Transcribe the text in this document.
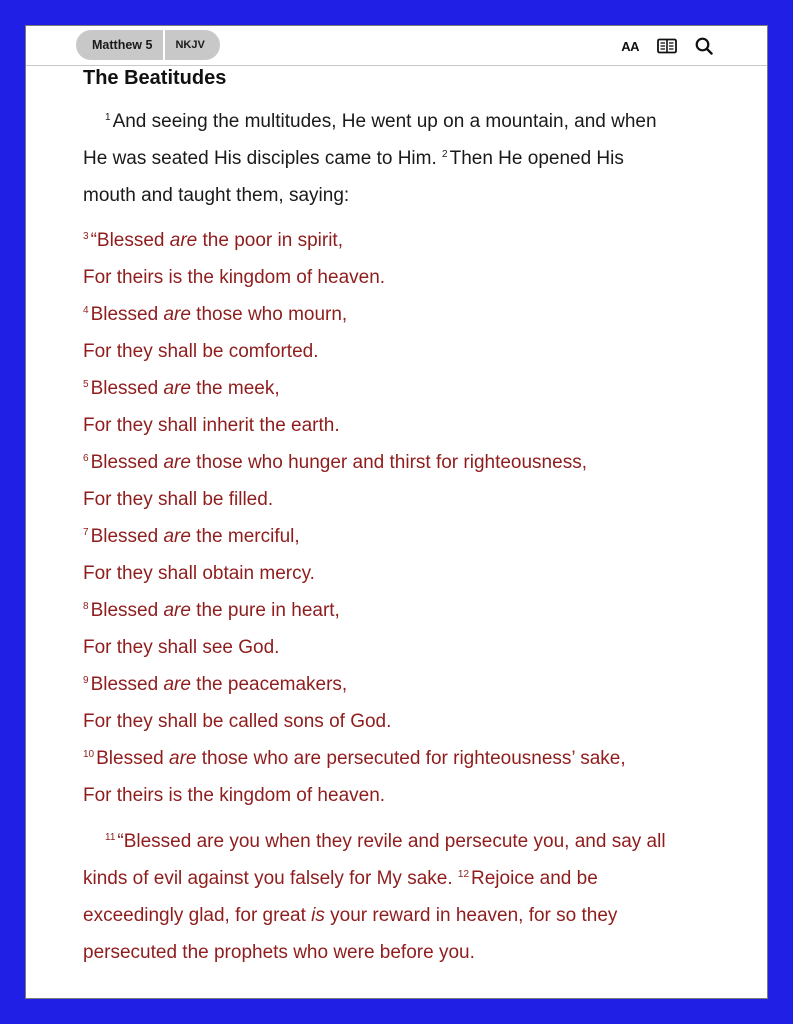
Matthew 5	NKJV	AA
The Beatitudes

$^1$ And seeing the multitudes, He went up on a mountain, and when
He was seated His disciples came to Him. $^2$ Then He opened His
mouth and taught them, saying:

$^3$ “Blessed are the poor in spirit,
For theirs is the kingdom of heaven.
$^4$ Blessed are those who mourn,
For they shall be comforted.
$^5$ Blessed are the meek,
For they shall inherit the earth.
$^6$ Blessed are those who hunger and thirst for righteousness,
For they shall be filled.
$^7$ Blessed are the merciful,
For they shall obtain mercy.
$^8$ Blessed are the pure in heart,
For they shall see God.
$^9$ Blessed are the peacemakers,
For they shall be called sons of God.
$^{10}$ Blessed are those who are persecuted for righteousness’ sake,
For theirs is the kingdom of heaven.

$^{11}$ “Blessed are you when they revile and persecute you, and say all
kinds of evil against you falsely for My sake. $^{12}$ Rejoice and be
exceedingly glad, for great is your reward in heaven, for so they
persecuted the prophets who were before you.
